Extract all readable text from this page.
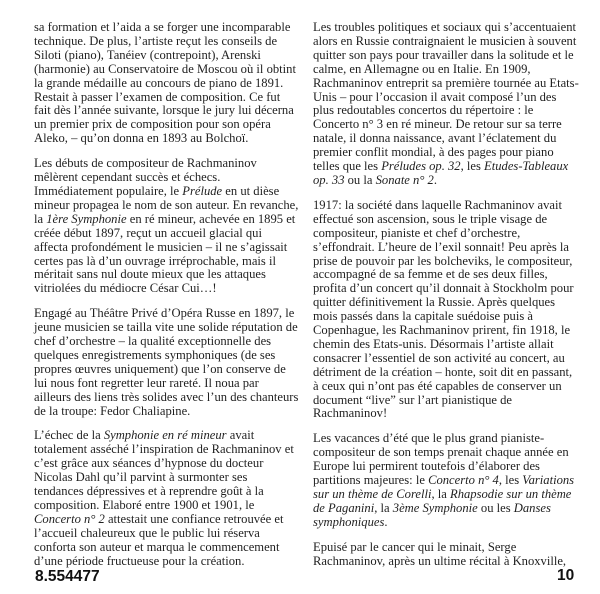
sa formation et l’aida a se forger une incomparable
technique. De plus, l’artiste reçut les conseils de
Siloti (piano), Tanéiev (contrepoint), Arenski
(harmonie) au Conservatoire de Moscou où il obtint
la grande médaille au concours de piano de 1891.
Restait à passer l’examen de composition. Ce fut
fait dès l’année suivante, lorsque le jury lui décerna
un premier prix de composition pour son opéra
Aleko, – qu’on donna en 1893 au Bolchoï.

Les débuts de compositeur de Rachmaninov
mêlèrent cependant succès et échecs.
Immédiatement populaire, le Prélude en ut dièse
mineur propagea le nom de son auteur. En revanche,
la 1ère Symphonie en ré mineur, achevée en 1895 et
créée début 1897, reçut un accueil glacial qui
affecta profondément le musicien – il ne s’agissait
certes pas là d’un ouvrage irréprochable, mais il
méritait sans nul doute mieux que les attaques
vitriolées du médiocre César Cui…!

Engagé au Théâtre Privé d’Opéra Russe en 1897, le
jeune musicien se tailla vite une solide réputation de
chef d’orchestre – la qualité exceptionnelle des
quelques enregistrements symphoniques (de ses
propres œuvres uniquement) que l’on conserve de
lui nous font regretter leur rareté. Il noua par
ailleurs des liens très solides avec l’un des chanteurs
de la troupe: Fedor Chaliapine.

L’échec de la Symphonie en ré mineur avait
totalement asséché l’inspiration de Rachmaninov et
c’est grâce aux séances d’hypnose du docteur
Nicolas Dahl qu’il parvint à surmonter ses
tendances dépressives et à reprendre goût à la
composition. Elaboré entre 1900 et 1901, le
Concerto n° 2 attestait une confiance retrouvée et
l’accueil chaleureux que le public lui réserva
conforta son auteur et marqua le commencement
d’une période fructueuse pour la création.

Les troubles politiques et sociaux qui s’accentuaient
alors en Russie contraignaient le musicien à souvent
quitter son pays pour travailler dans la solitude et le
calme, en Allemagne ou en Italie. En 1909,
Rachmaninov entreprit sa première tournée au Etats-
Unis – pour l’occasion il avait composé l’un des
plus redoutables concertos du répertoire : le
Concerto n° 3 en ré mineur. De retour sur sa terre
natale, il donna naissance, avant l’éclatement du
premier conflit mondial, à des pages pour piano
telles que les Préludes op. 32, les Etudes-Tableaux
op. 33 ou la Sonate n° 2.

1917: la société dans laquelle Rachmaninov avait
effectué son ascension, sous le triple visage de
compositeur, pianiste et chef d’orchestre,
s’effondrait. L’heure de l’exil sonnait! Peu après la
prise de pouvoir par les bolcheviks, le compositeur,
accompagné de sa femme et de ses deux filles,
profita d’un concert qu’il donnait à Stockholm pour
quitter définitivement la Russie. Après quelques
mois passés dans la capitale suédoise puis à
Copenhague, les Rachmaninov prirent, fin 1918, le
chemin des Etats-unis. Désormais l’artiste allait
consacrer l’essentiel de son activité au concert, au
détriment de la création – honte, soit dit en passant,
à ceux qui n’ont pas été capables de conserver un
document “live” sur l’art pianistique de
Rachmaninov!

Les vacances d’été que le plus grand pianiste-
compositeur de son temps prenait chaque année en
Europe lui permirent toutefois d’élaborer des
partitions majeures: le Concerto n° 4, les Variations
sur un thème de Corelli, la Rhapsodie sur un thème
de Paganini, la 3ème Symphonie ou les Danses
symphoniques.

Epuisé par le cancer qui le minait, Serge
Rachmaninov, après un ultime récital à Knoxville,

8.554477	10
